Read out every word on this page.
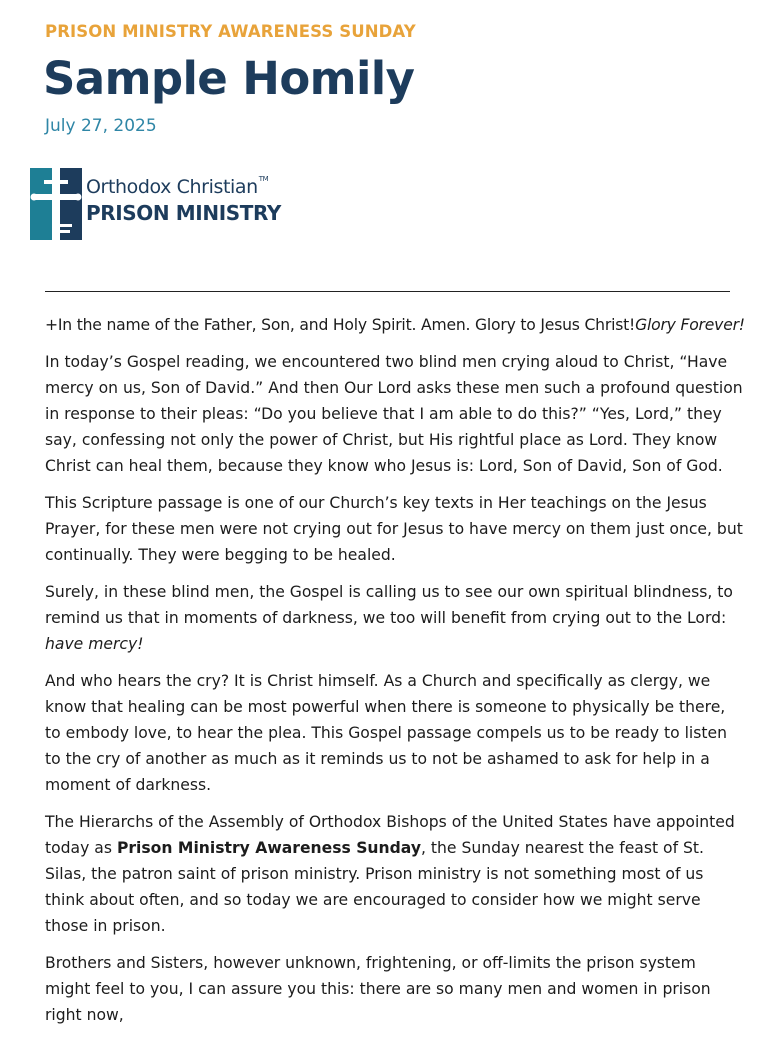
PRISON MINISTRY AWARENESS SUNDAY
Sample Homily
July 27, 2025
Orthodox Christian™
PRISON MINISTRY

+In the name of the Father, Son, and Holy Spirit. Amen. Glory to Jesus Christ!Glory Forever!

In today’s Gospel reading, we encountered two blind men crying aloud to Christ, “Have mercy on us, Son of David.” And then Our Lord asks these men such a profound question in response to their pleas: “Do you believe that I am able to do this?” “Yes, Lord,” they say, confessing not only the power of Christ, but His rightful place as Lord. They know Christ can heal them, because they know who Jesus is: Lord, Son of David, Son of God.

This Scripture passage is one of our Church’s key texts in Her teachings on the Jesus Prayer, for these men were not crying out for Jesus to have mercy on them just once, but continually. They were begging to be healed.

Surely, in these blind men, the Gospel is calling us to see our own spiritual blindness, to remind us that in moments of darkness, we too will benefit from crying out to the Lord: have mercy!

And who hears the cry? It is Christ himself. As a Church and specifically as clergy, we know that healing can be most powerful when there is someone to physically be there, to embody love, to hear the plea. This Gospel passage compels us to be ready to listen to the cry of another as much as it reminds us to not be ashamed to ask for help in a moment of darkness.

The Hierarchs of the Assembly of Orthodox Bishops of the United States have appointed today as Prison Ministry Awareness Sunday, the Sunday nearest the feast of St. Silas, the patron saint of prison ministry. Prison ministry is not something most of us think about often, and so today we are encouraged to consider how we might serve those in prison.

Brothers and Sisters, however unknown, frightening, or off-limits the prison system might feel to you, I can assure you this: there are so many men and women in prison right now,
